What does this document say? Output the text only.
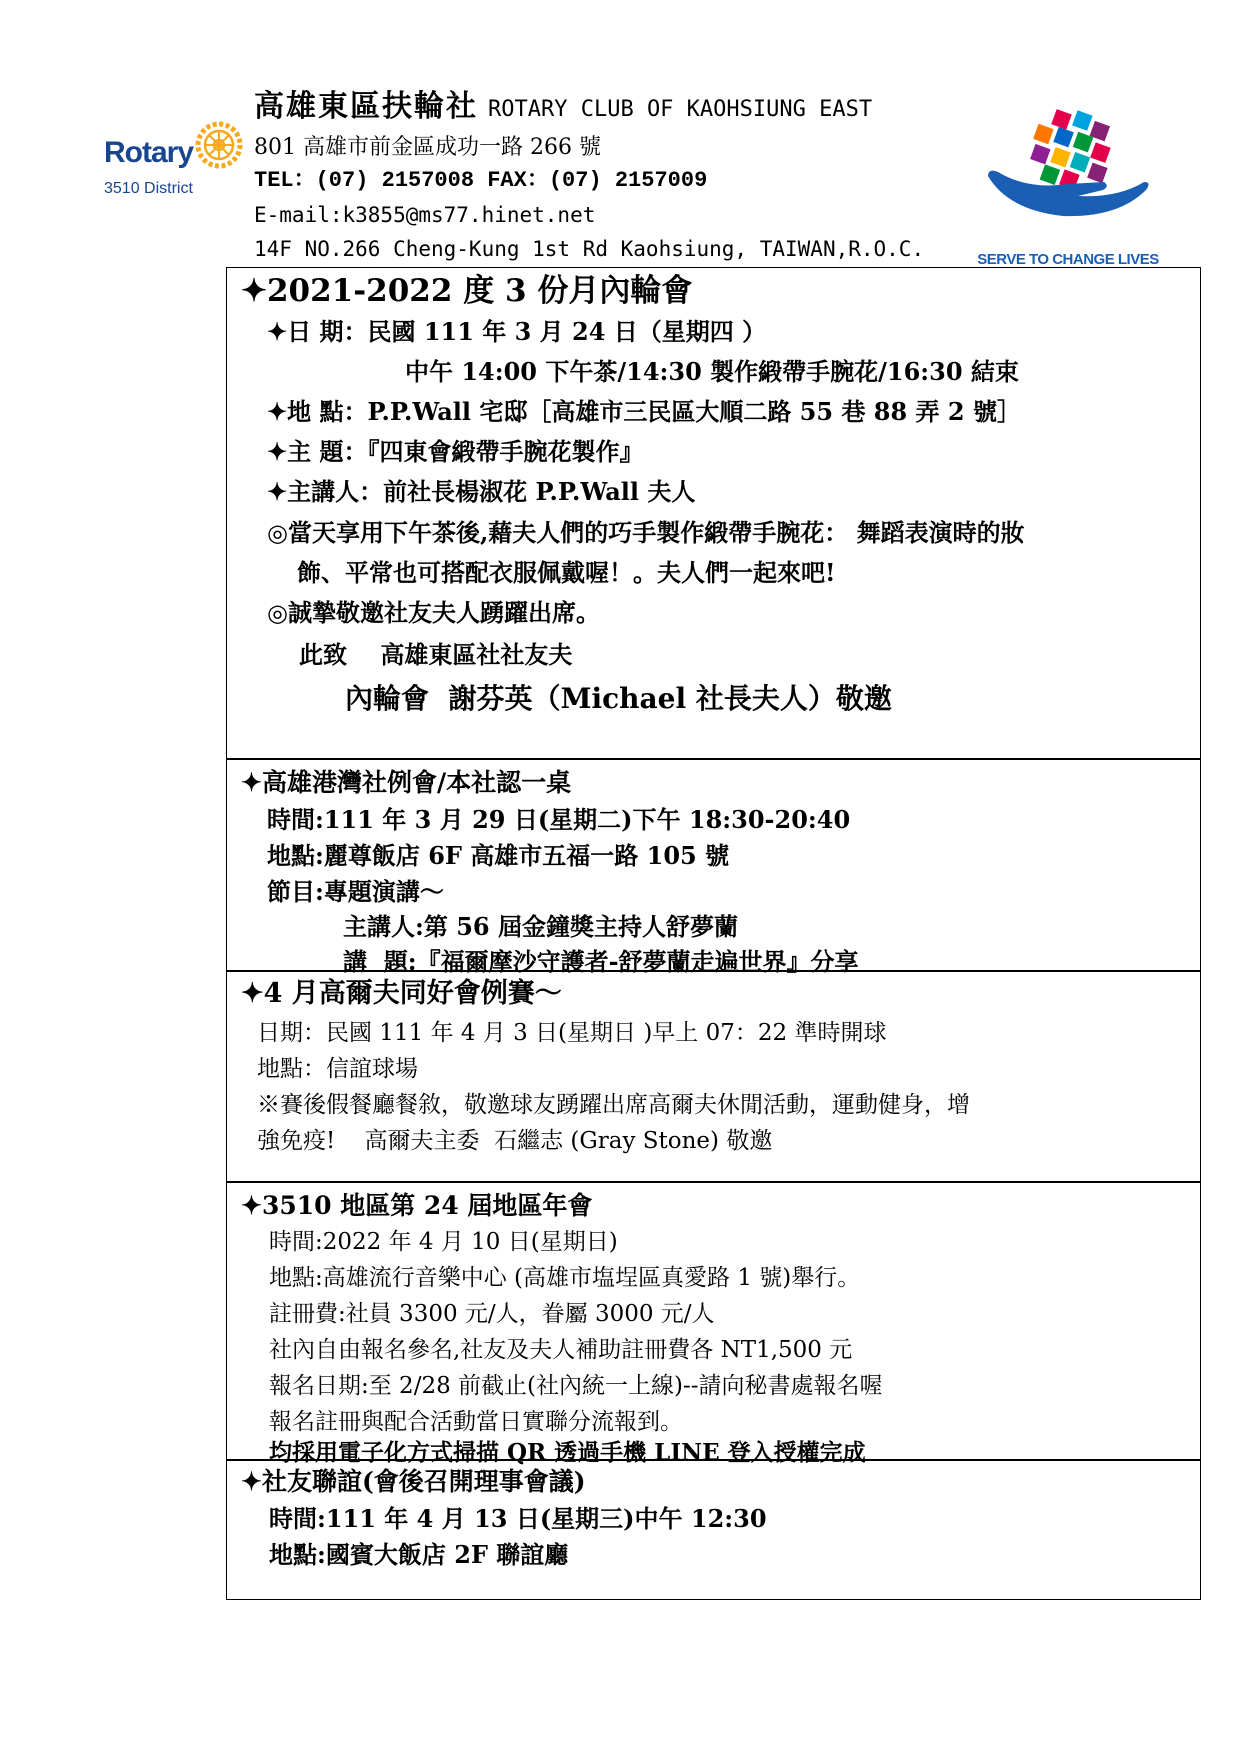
Rotary
3510 District
高雄東區扶輪社 ROTARY CLUB OF KAOHSIUNG EAST
801 高雄市前金區成功一路 266 號
TEL：(07) 2157008 FAX：(07) 2157009
E-mail:k3855@ms77.hinet.net
14F NO.266 Cheng-Kung 1st Rd Kaohsiung, TAIWAN,R.O.C.	SERVE TO CHANGE LIVES
✦2021-2022 度 3 份月內輪會
✦日 期：民國 111 年 3 月 24 日（星期四 ）
中午 14:00 下午茶/14:30 製作緞帶手腕花/16:30 結束
✦地 點：P.P.Wall 宅邸［高雄市三民區大順二路 55 巷 88 弄 2 號］
✦主 題：『四東會緞帶手腕花製作』
✦主講人：前社長楊淑花 P.P.Wall 夫人
◎當天享用下午茶後,藉夫人們的巧手製作緞帶手腕花： 舞蹈表演時的妝
飾、平常也可搭配衣服佩戴喔！。夫人們一起來吧!
◎誠摯敬邀社友夫人踴躍出席。
此致    高雄東區社社友夫
內輪會  謝芬英（Michael 社長夫人）敬邀
✦高雄港灣社例會/本社認一桌
時間:111 年 3 月 29 日(星期二)下午 18:30-20:40
地點:麗尊飯店 6F 高雄市五福一路 105 號
節目:專題演講～
主講人:第 56 屆金鐘獎主持人舒夢蘭
講  題:『福爾摩沙守護者-舒夢蘭走遍世界』分享
✦4 月高爾夫同好會例賽～
日期：民國 111 年 4 月 3 日(星期日 )早上 07：22 準時開球
地點：信誼球場
※賽後假餐廳餐敘，敬邀球友踴躍出席高爾夫休閒活動，運動健身，增
強免疫!    高爾夫主委  石繼志 (Gray Stone) 敬邀
✦3510 地區第 24 屆地區年會
時間:2022 年 4 月 10 日(星期日)
地點:高雄流行音樂中心 (高雄市塩埕區真愛路 1 號)舉行。
註冊費:社員 3300 元/人，眷屬 3000 元/人
社內自由報名參名,社友及夫人補助註冊費各 NT1,500 元
報名日期:至 2/28 前截止(社內統一上線)--請向秘書處報名喔
報名註冊與配合活動當日實聯分流報到。
均採用電子化方式掃描 QR 透過手機 LINE 登入授權完成
✦社友聯誼(會後召開理事會議)
時間:111 年 4 月 13 日(星期三)中午 12:30
地點:國賓大飯店 2F 聯誼廳
